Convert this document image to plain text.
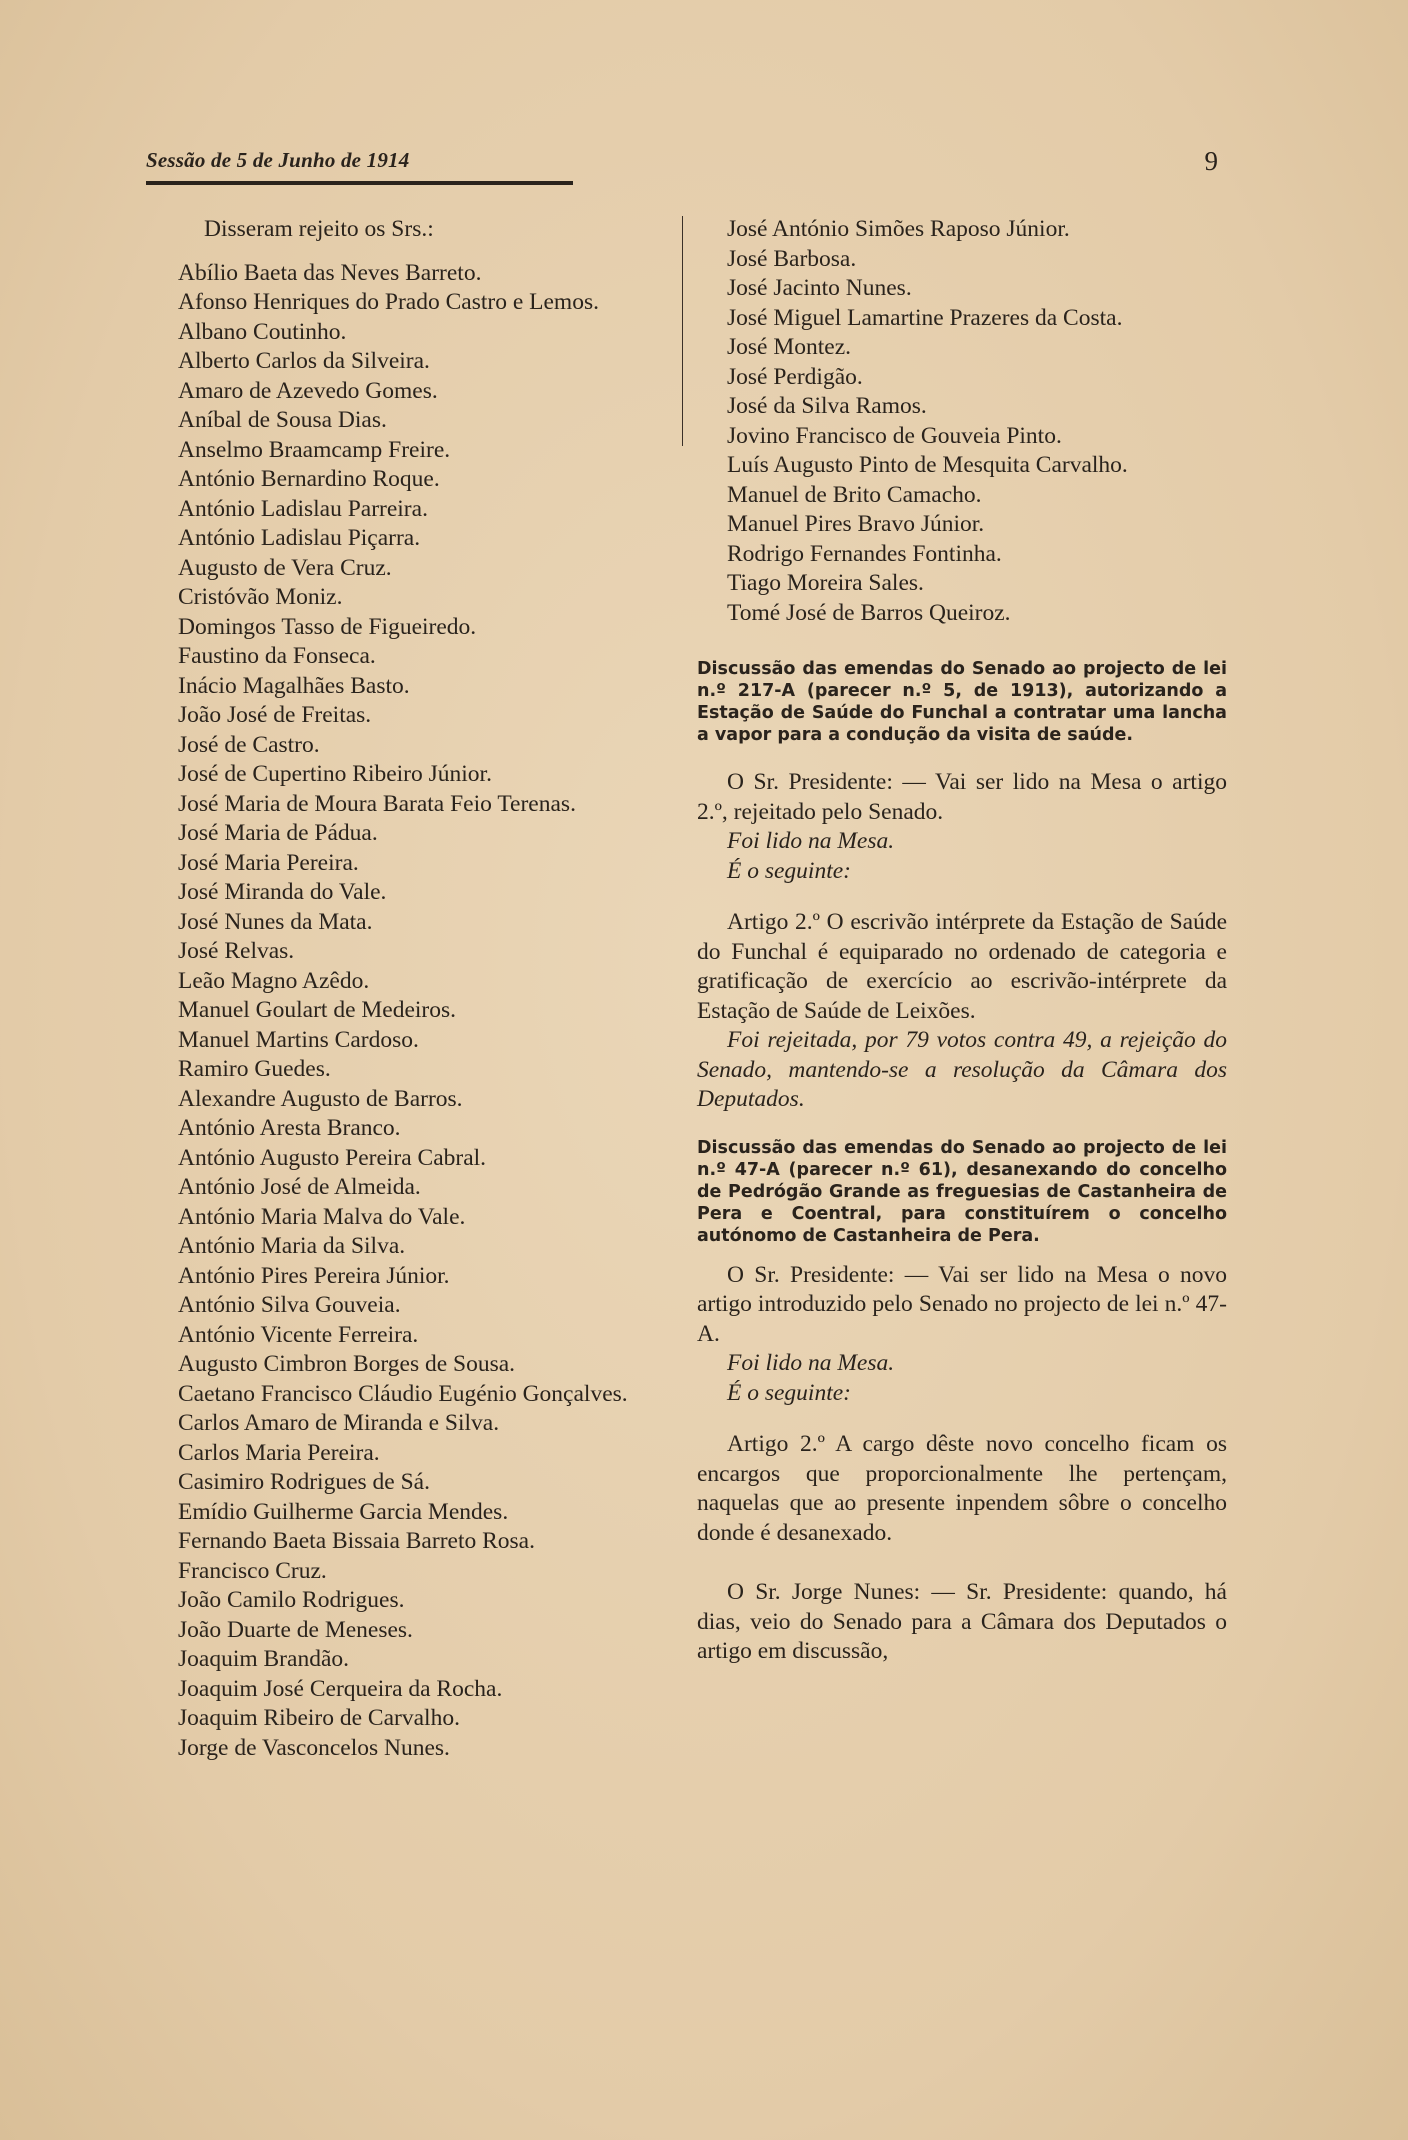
Sessão de 5 de Junho de 1914	9
Disseram rejeito os Srs.:
Abílio Baeta das Neves Barreto.
Afonso Henriques do Prado Castro e Lemos.
Albano Coutinho.
Alberto Carlos da Silveira.
Amaro de Azevedo Gomes.
Aníbal de Sousa Dias.
Anselmo Braamcamp Freire.
António Bernardino Roque.
António Ladislau Parreira.
António Ladislau Piçarra.
Augusto de Vera Cruz.
Cristóvão Moniz.
Domingos Tasso de Figueiredo.
Faustino da Fonseca.
Inácio Magalhães Basto.
João José de Freitas.
José de Castro.
José de Cupertino Ribeiro Júnior.
José Maria de Moura Barata Feio Terenas.
José Maria de Pádua.
José Maria Pereira.
José Miranda do Vale.
José Nunes da Mata.
José Relvas.
Leão Magno Azêdo.
Manuel Goulart de Medeiros.
Manuel Martins Cardoso.
Ramiro Guedes.
Alexandre Augusto de Barros.
António Aresta Branco.
António Augusto Pereira Cabral.
António José de Almeida.
António Maria Malva do Vale.
António Maria da Silva.
António Pires Pereira Júnior.
António Silva Gouveia.
António Vicente Ferreira.
Augusto Cimbron Borges de Sousa.
Caetano Francisco Cláudio Eugénio Gonçalves.
Carlos Amaro de Miranda e Silva.
Carlos Maria Pereira.
Casimiro Rodrigues de Sá.
Emídio Guilherme Garcia Mendes.
Fernando Baeta Bissaia Barreto Rosa.
Francisco Cruz.
João Camilo Rodrigues.
João Duarte de Meneses.
Joaquim Brandão.
Joaquim José Cerqueira da Rocha.
Joaquim Ribeiro de Carvalho.
Jorge de Vasconcelos Nunes.
José António Simões Raposo Júnior.
José Barbosa.
José Jacinto Nunes.
José Miguel Lamartine Prazeres da Costa.
José Montez.
José Perdigão.
José da Silva Ramos.
Jovino Francisco de Gouveia Pinto.
Luís Augusto Pinto de Mesquita Carvalho.
Manuel de Brito Camacho.
Manuel Pires Bravo Júnior.
Rodrigo Fernandes Fontinha.
Tiago Moreira Sales.
Tomé José de Barros Queiroz.
Discussão das emendas do Senado ao projecto de lei n.º 217-A (parecer n.º 5, de 1913), autorizando a Estação de Saúde do Funchal a contratar uma lancha a vapor para a condução da visita de saúde.

O Sr. Presidente: — Vai ser lido na Mesa o artigo 2.º, rejeitado pelo Senado.

Foi lido na Mesa.

É o seguinte:

Artigo 2.º O escrivão intérprete da Estação de Saúde do Funchal é equiparado no ordenado de categoria e gratificação de exercício ao escrivão-intérprete da Estação de Saúde de Leixões.

Foi rejeitada, por 79 votos contra 49, a rejeição do Senado, mantendo-se a resolução da Câmara dos Deputados.

Discussão das emendas do Senado ao projecto de lei n.º 47-A (parecer n.º 61), desanexando do concelho de Pedrógão Grande as freguesias de Castanheira de Pera e Coentral, para constituírem o concelho autónomo de Castanheira de Pera.

O Sr. Presidente: — Vai ser lido na Mesa o novo artigo introduzido pelo Senado no projecto de lei n.º 47-A.

Foi lido na Mesa.

É o seguinte:

Artigo 2.º A cargo dêste novo concelho ficam os encargos que proporcionalmente lhe pertençam, naquelas que ao presente inpendem sôbre o concelho donde é desanexado.

O Sr. Jorge Nunes: — Sr. Presidente: quando, há dias, veio do Senado para a Câmara dos Deputados o artigo em discussão,
